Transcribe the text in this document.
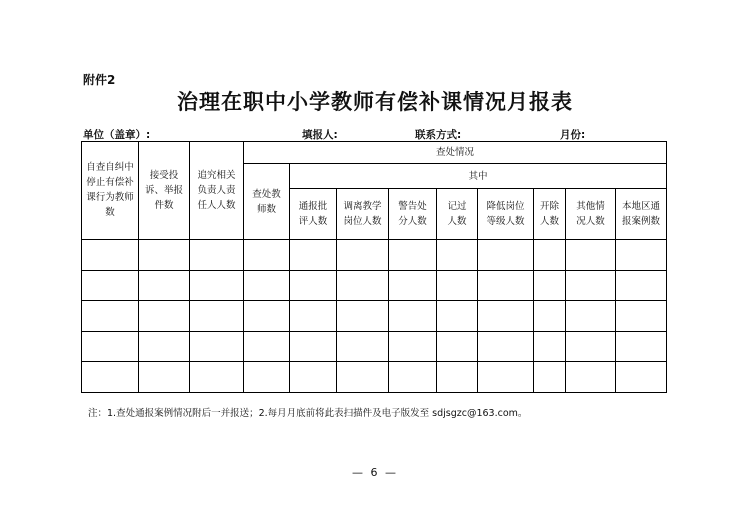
附件2
治理在职中小学教师有偿补课情况月报表
单位（盖章）:	填报人:	联系方式:	月份:
自查自纠中停止有偿补课行为教师数	接受投诉、举报件数	追究相关负责人责任人人数	查处情况								

			查处教师数	其中							

				通报批评人数	调离教学岗位人数	警告处分人数	记过人数	降低岗位等级人数	开除人数	其他情况人数	本地区通报案例数

注：1.查处通报案例情况附后一并报送；2.每月月底前将此表扫描件及电子版发至 sdjsgzc@163.com。
— 6 —
